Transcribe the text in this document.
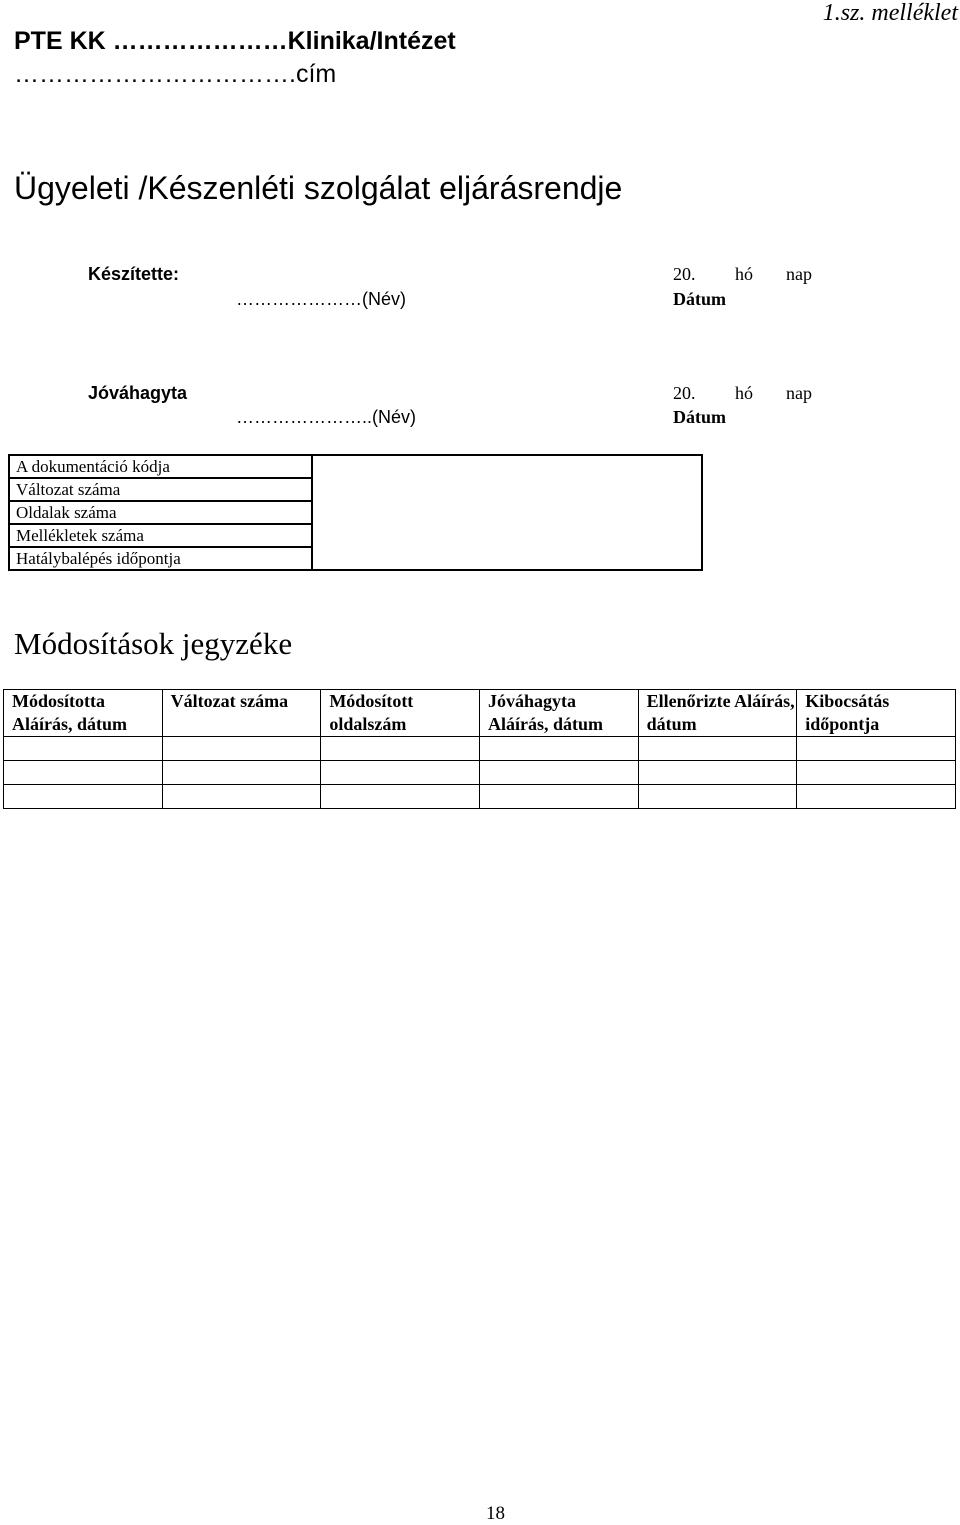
PTE KK …………………Klinika/Intézet
…………………………….cím
1.sz. melléklet
Ügyeleti /Készenléti szolgálat eljárásrendje
Készítette:
…………………(Név)
20. hó nap
Dátum
Jóváhagyta
…………………..(Név)
20. hó nap
Dátum
A dokumentáció kódja	
Változat száma
Oldalak száma
Mellékletek száma
Hatálybalépés időpontja
Módosítások jegyzéke
Módosította Aláírás, dátum	Változat száma	Módosított oldalszám	Jóváhagyta Aláírás, dátum	Ellenőrizte Aláírás, dátum	Kibocsátás időpontja

18
